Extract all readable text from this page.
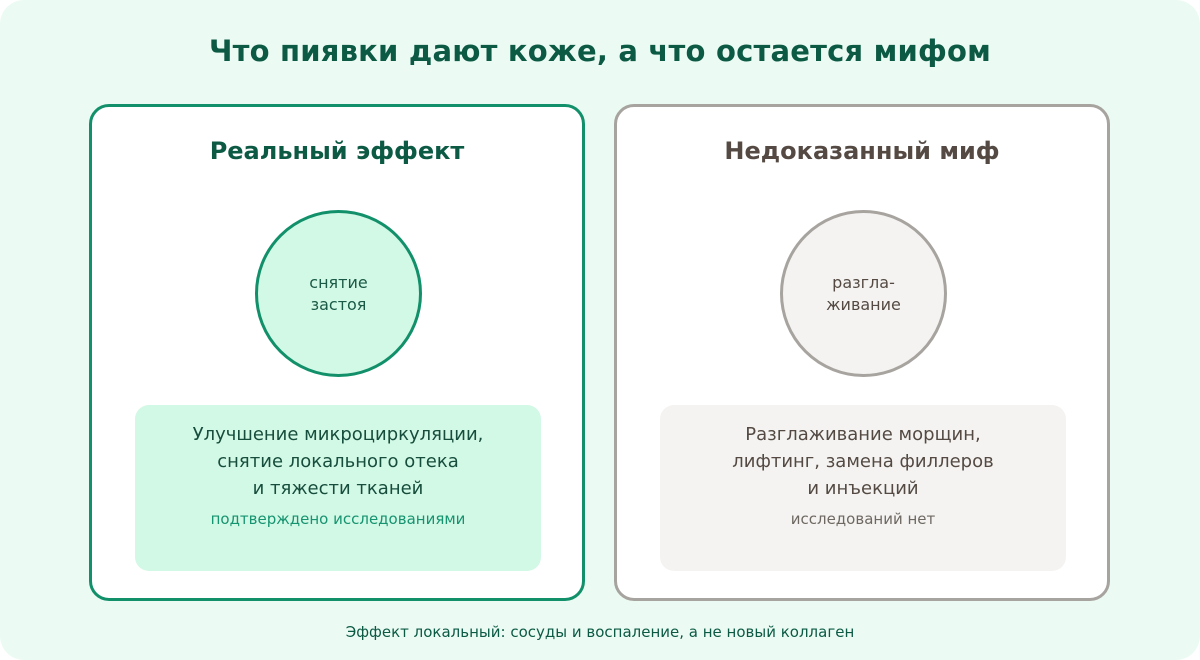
Что пиявки дают коже, а что остается мифом
Реальный эффект
снятие
застоя
Улучшение микроциркуляции,
снятие локального отека
и тяжести тканей
подтверждено исследованиями
Недоказанный миф
разгла-
живание
Разглаживание морщин,
лифтинг, замена филлеров
и инъекций
исследований нет
Эффект локальный: сосуды и воспаление, а не новый коллаген
